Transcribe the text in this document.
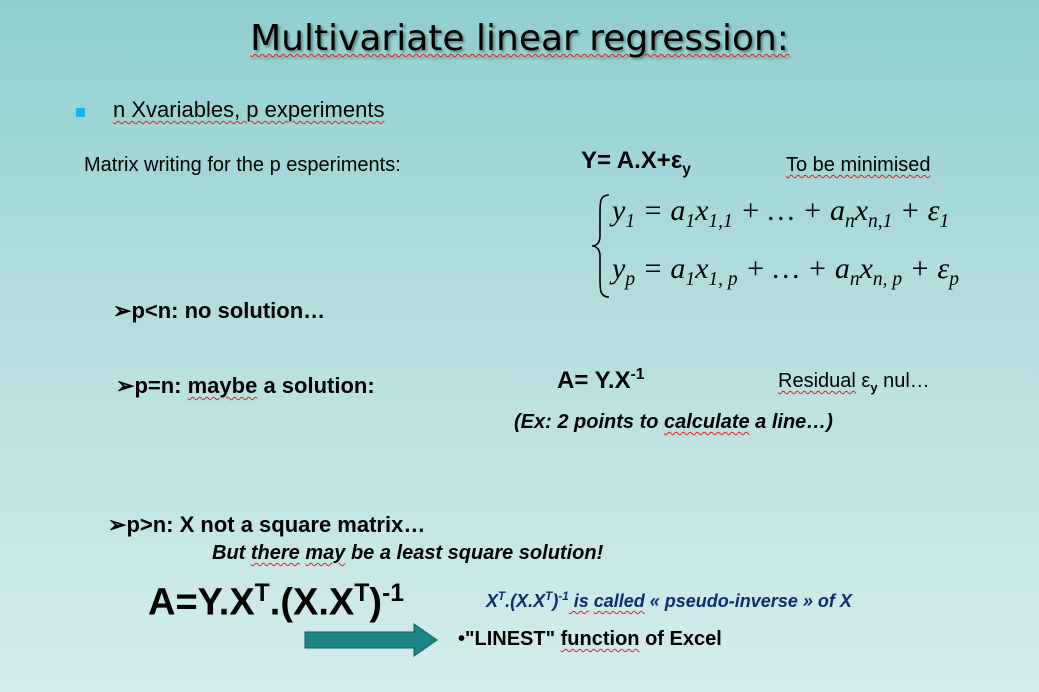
Multivariate linear regression:
n Xvariables, p experiments
Matrix writing for the p esperiments:	$Y= A.X+\varepsilon_y$	To be minimised
$y_1 = a_1x_{1,1}$ + … + $a_nx_{n,1} + \varepsilon_1$
$y_p = a_1x_{1, p}$ + … + $a_nx_{n, p} + \varepsilon_p$
➢p<n: no solution…
➢p=n: maybe a solution:	$A= Y.X^{-1}$	Residual $\varepsilon_y$ nul…
(Ex: 2 points to calculate a line…)
➢p>n: X not a square matrix…
But there may be a least square solution!
$A=Y.X^T.(X.X^T)^{-1}$	$X^T.(X.X^T)^{-1}$ is called « pseudo-inverse » of X
•"LINEST" function of Excel
